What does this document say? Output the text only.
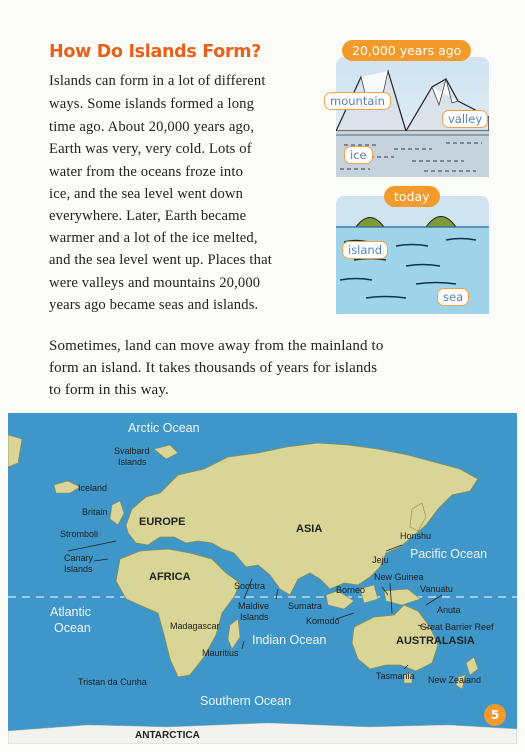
How Do Islands Form?
Islands can form in a lot of different
ways. Some islands formed a long
time ago. About 20,000 years ago,
Earth was very, very cold. Lots of
water from the oceans froze into
ice, and the sea level went down
everywhere. Later, Earth became
warmer and a lot of the ice melted,
and the sea level went up. Places that
were valleys and mountains 20,000
years ago became seas and islands.
20,000 years ago
mountain
valley
ice
today
island
sea
Sometimes, land can move away from the mainland to
form an island. It takes thousands of years for islands
to form in this way.
Arctic Ocean
Atlantic
Ocean
Pacific Ocean
Indian Ocean
Southern Ocean
EUROPE
ASIA
AFRICA
AUSTRALASIA
ANTARCTICA
Svalbard
Islands
Iceland
Britain
Stromboli
Canary
Islands
Honshu
Jeju
Borneo
New Guinea
Vanuatu
Socotra
Maldive
Islands
Sumatra
Komodo
Anuta
Great Barrier Reef
Madagascar
Mauritius
Tasmania New Zealand
Tristan da Cunha
5
